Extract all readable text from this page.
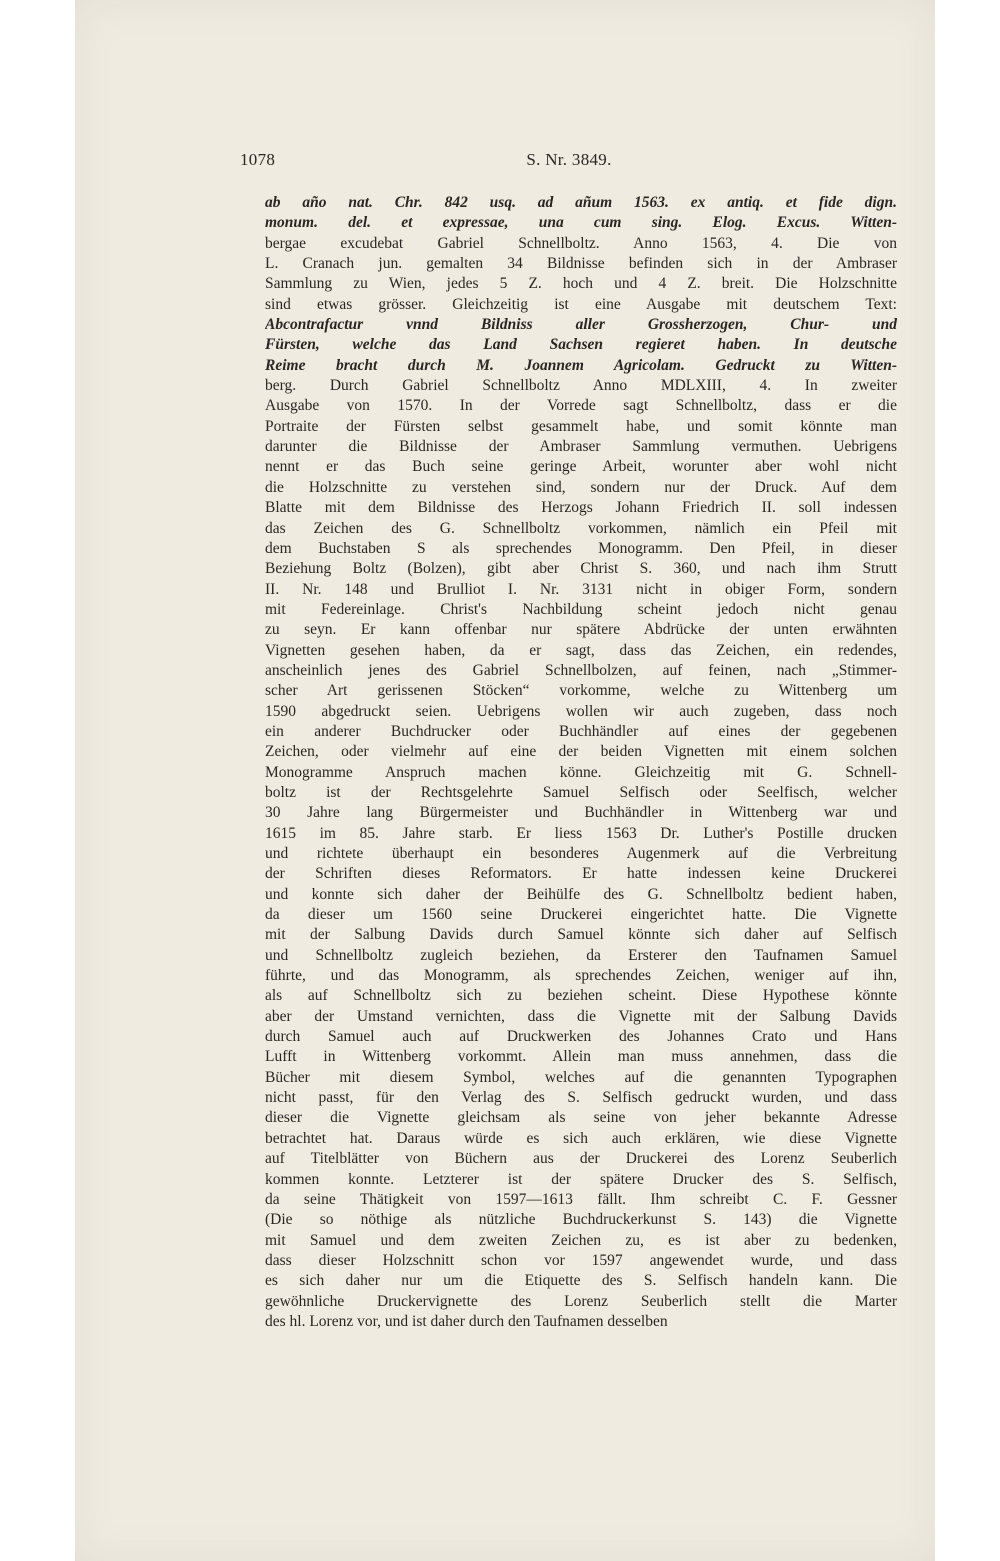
1078	S. Nr. 3849.
ab año nat. Chr. 842 usq. ad añum 1563. ex antiq. et fide dign.
monum. del. et expressae, una cum sing. Elog. Excus. Witten-
bergae excudebat Gabriel Schnellboltz. Anno 1563, 4. Die von
L. Cranach jun. gemalten 34 Bildnisse befinden sich in der Ambraser
Sammlung zu Wien, jedes 5 Z. hoch und 4 Z. breit. Die Holzschnitte
sind etwas grösser. Gleichzeitig ist eine Ausgabe mit deutschem Text:
Abcontrafactur vnnd Bildniss aller Grossherzogen, Chur- und
Fürsten, welche das Land Sachsen regieret haben. In deutsche
Reime bracht durch M. Joannem Agricolam. Gedruckt zu Witten-
berg. Durch Gabriel Schnellboltz Anno MDLXIII, 4. In zweiter
Ausgabe von 1570. In der Vorrede sagt Schnellboltz, dass er die
Portraite der Fürsten selbst gesammelt habe, und somit könnte man
darunter die Bildnisse der Ambraser Sammlung vermuthen. Uebrigens
nennt er das Buch seine geringe Arbeit, worunter aber wohl nicht
die Holzschnitte zu verstehen sind, sondern nur der Druck. Auf dem
Blatte mit dem Bildnisse des Herzogs Johann Friedrich II. soll indessen
das Zeichen des G. Schnellboltz vorkommen, nämlich ein Pfeil mit
dem Buchstaben S als sprechendes Monogramm. Den Pfeil, in dieser
Beziehung Boltz (Bolzen), gibt aber Christ S. 360, und nach ihm Strutt
II. Nr. 148 und Brulliot I. Nr. 3131 nicht in obiger Form, sondern
mit Federeinlage. Christ's Nachbildung scheint jedoch nicht genau
zu seyn. Er kann offenbar nur spätere Abdrücke der unten erwähnten
Vignetten gesehen haben, da er sagt, dass das Zeichen, ein redendes,
anscheinlich jenes des Gabriel Schnellbolzen, auf feinen, nach „Stimmer-
scher Art gerissenen Stöcken“ vorkomme, welche zu Wittenberg um
1590 abgedruckt seien. Uebrigens wollen wir auch zugeben, dass noch
ein anderer Buchdrucker oder Buchhändler auf eines der gegebenen
Zeichen, oder vielmehr auf eine der beiden Vignetten mit einem solchen
Monogramme Anspruch machen könne. Gleichzeitig mit G. Schnell-
boltz ist der Rechtsgelehrte Samuel Selfisch oder Seelfisch, welcher
30 Jahre lang Bürgermeister und Buchhändler in Wittenberg war und
1615 im 85. Jahre starb. Er liess 1563 Dr. Luther's Postille drucken
und richtete überhaupt ein besonderes Augenmerk auf die Verbreitung
der Schriften dieses Reformators. Er hatte indessen keine Druckerei
und konnte sich daher der Beihülfe des G. Schnellboltz bedient haben,
da dieser um 1560 seine Druckerei eingerichtet hatte. Die Vignette
mit der Salbung Davids durch Samuel könnte sich daher auf Selfisch
und Schnellboltz zugleich beziehen, da Ersterer den Taufnamen Samuel
führte, und das Monogramm, als sprechendes Zeichen, weniger auf ihn,
als auf Schnellboltz sich zu beziehen scheint. Diese Hypothese könnte
aber der Umstand vernichten, dass die Vignette mit der Salbung Davids
durch Samuel auch auf Druckwerken des Johannes Crato und Hans
Lufft in Wittenberg vorkommt. Allein man muss annehmen, dass die
Bücher mit diesem Symbol, welches auf die genannten Typographen
nicht passt, für den Verlag des S. Selfisch gedruckt wurden, und dass
dieser die Vignette gleichsam als seine von jeher bekannte Adresse
betrachtet hat. Daraus würde es sich auch erklären, wie diese Vignette
auf Titelblätter von Büchern aus der Druckerei des Lorenz Seuberlich
kommen konnte. Letzterer ist der spätere Drucker des S. Selfisch,
da seine Thätigkeit von 1597—1613 fällt. Ihm schreibt C. F. Gessner
(Die so nöthige als nützliche Buchdruckerkunst S. 143) die Vignette
mit Samuel und dem zweiten Zeichen zu, es ist aber zu bedenken,
dass dieser Holzschnitt schon vor 1597 angewendet wurde, und dass
es sich daher nur um die Etiquette des S. Selfisch handeln kann. Die
gewöhnliche Druckervignette des Lorenz Seuberlich stellt die Marter
des hl. Lorenz vor, und ist daher durch den Taufnamen desselben
